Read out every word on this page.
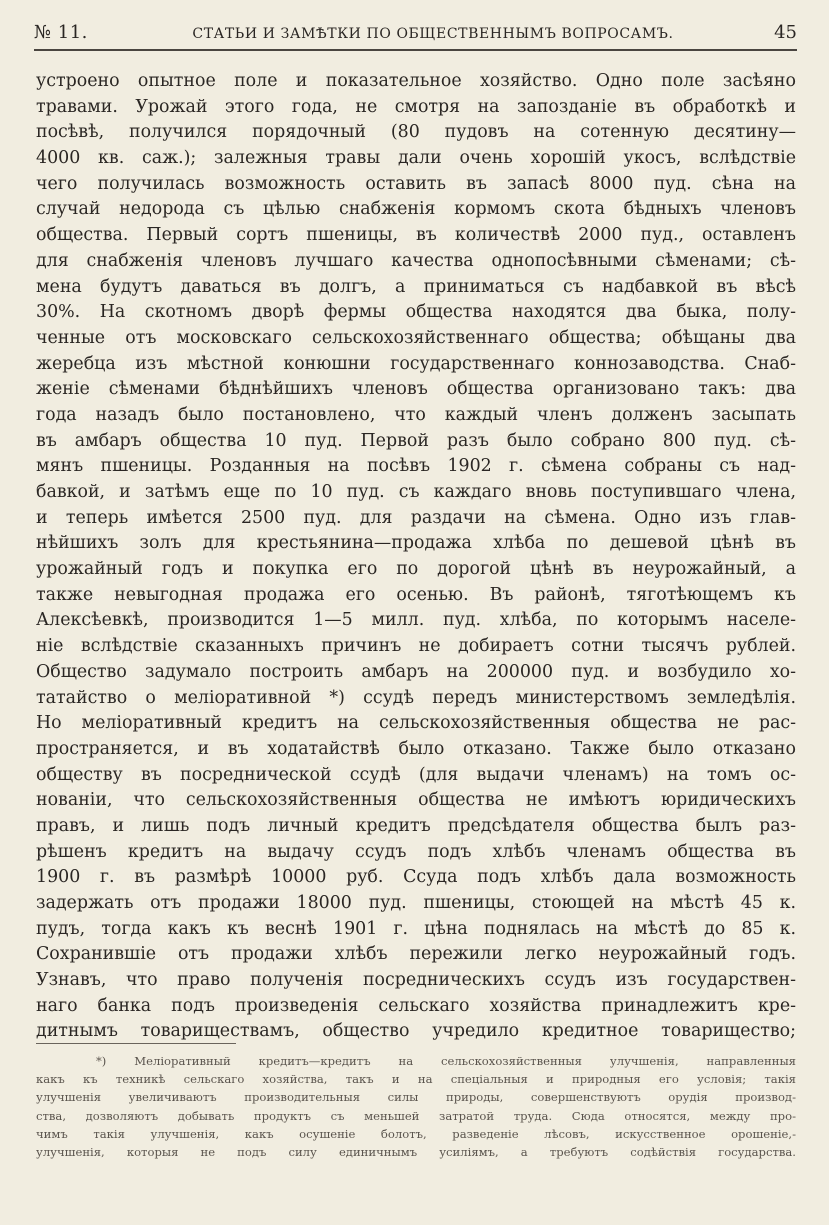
№ 11.	СТАТЬИ И ЗАМѢТКИ ПО ОБЩЕСТВЕННЫМЪ ВОПРОСАМЪ.	45
устроено опытное поле и показательное хозяйство. Одно поле засѣяно
травами. Урожай этого года, не смотря на запозданіе въ обработкѣ и
посѣвѣ, получился порядочный (80 пудовъ на сотенную десятину—
4000 кв. саж.); залежныя травы дали очень хорошій укосъ, вслѣдствіе
чего получилась возможность оставить въ запасѣ 8000 пуд. сѣна на
случай недорода съ цѣлью снабженія кормомъ скота бѣдныхъ членовъ
общества. Первый сортъ пшеницы, въ количествѣ 2000 пуд., оставленъ
для снабженія членовъ лучшаго качества однопосѣвными сѣменами; сѣ-
мена будутъ даваться въ долгъ, а приниматься съ надбавкой въ вѣсѣ
30%. На скотномъ дворѣ фермы общества находятся два быка, полу-
ченные отъ московскаго сельскохозяйственнаго общества; обѣщаны два
жеребца изъ мѣстной конюшни государственнаго коннозаводства. Снаб-
женіе сѣменами бѣднѣйшихъ членовъ общества организовано такъ: два
года назадъ было постановлено, что каждый членъ долженъ засыпать
въ амбаръ общества 10 пуд. Первой разъ было собрано 800 пуд. сѣ-
мянъ пшеницы. Розданныя на посѣвъ 1902 г. сѣмена собраны съ над-
бавкой, и затѣмъ еще по 10 пуд. съ каждаго вновь поступившаго члена,
и теперь имѣется 2500 пуд. для раздачи на сѣмена. Одно изъ глав-
нѣйшихъ золъ для крестьянина—продажа хлѣба по дешевой цѣнѣ въ
урожайный годъ и покупка его по дорогой цѣнѣ въ неурожайный, а
также невыгодная продажа его осенью. Въ районѣ, тяготѣющемъ къ
Алексѣевкѣ, производится 1—5 милл. пуд. хлѣба, по которымъ населе-
ніе вслѣдствіе сказанныхъ причинъ не добираетъ сотни тысячъ рублей.
Общество задумало построить амбаръ на 200000 пуд. и возбудило хо-
татайство о меліоративной *) ссудѣ передъ министерствомъ земледѣлія.
Но меліоративный кредитъ на сельскохозяйственныя общества не рас-
пространяется, и въ ходатайствѣ было отказано. Также было отказано
обществу въ посреднической ссудѣ (для выдачи членамъ) на томъ ос-
нованіи, что сельскохозяйственныя общества не имѣютъ юридическихъ
правъ, и лишь подъ личный кредитъ предсѣдателя общества былъ раз-
рѣшенъ кредитъ на выдачу ссудъ подъ хлѣбъ членамъ общества въ
1900 г. въ размѣрѣ 10000 руб. Ссуда подъ хлѣбъ дала возможность
задержать отъ продажи 18000 пуд. пшеницы, стоющей на мѣстѣ 45 к.
пудъ, тогда какъ къ веснѣ 1901 г. цѣна поднялась на мѣстѣ до 85 к.
Сохранившіе отъ продажи хлѣбъ пережили легко неурожайный годъ.
Узнавъ, что право полученія посредническихъ ссудъ изъ государствен-
наго банка подъ произведенія сельскаго хозяйства принадлежитъ кре-
дитнымъ товариществамъ, общество учредило кредитное товарищество;
*) Меліоративный кредитъ—кредитъ на сельскохозяйственныя улучшенія, направленныя
какъ къ техникѣ сельскаго хозяйства, такъ и на спеціальныя и природныя его условія; такія
улучшенія увеличиваютъ производительныя силы природы, совершенствуютъ орудія производ-
ства, дозволяютъ добывать продуктъ съ меньшей затратой труда. Сюда относятся, между про-
чимъ такія улучшенія, какъ осушеніе болотъ, разведеніе лѣсовъ, искусственное орошеніе,-
улучшенія, которыя не подъ силу единичнымъ усиліямъ, а требуютъ содѣйствія государства.
